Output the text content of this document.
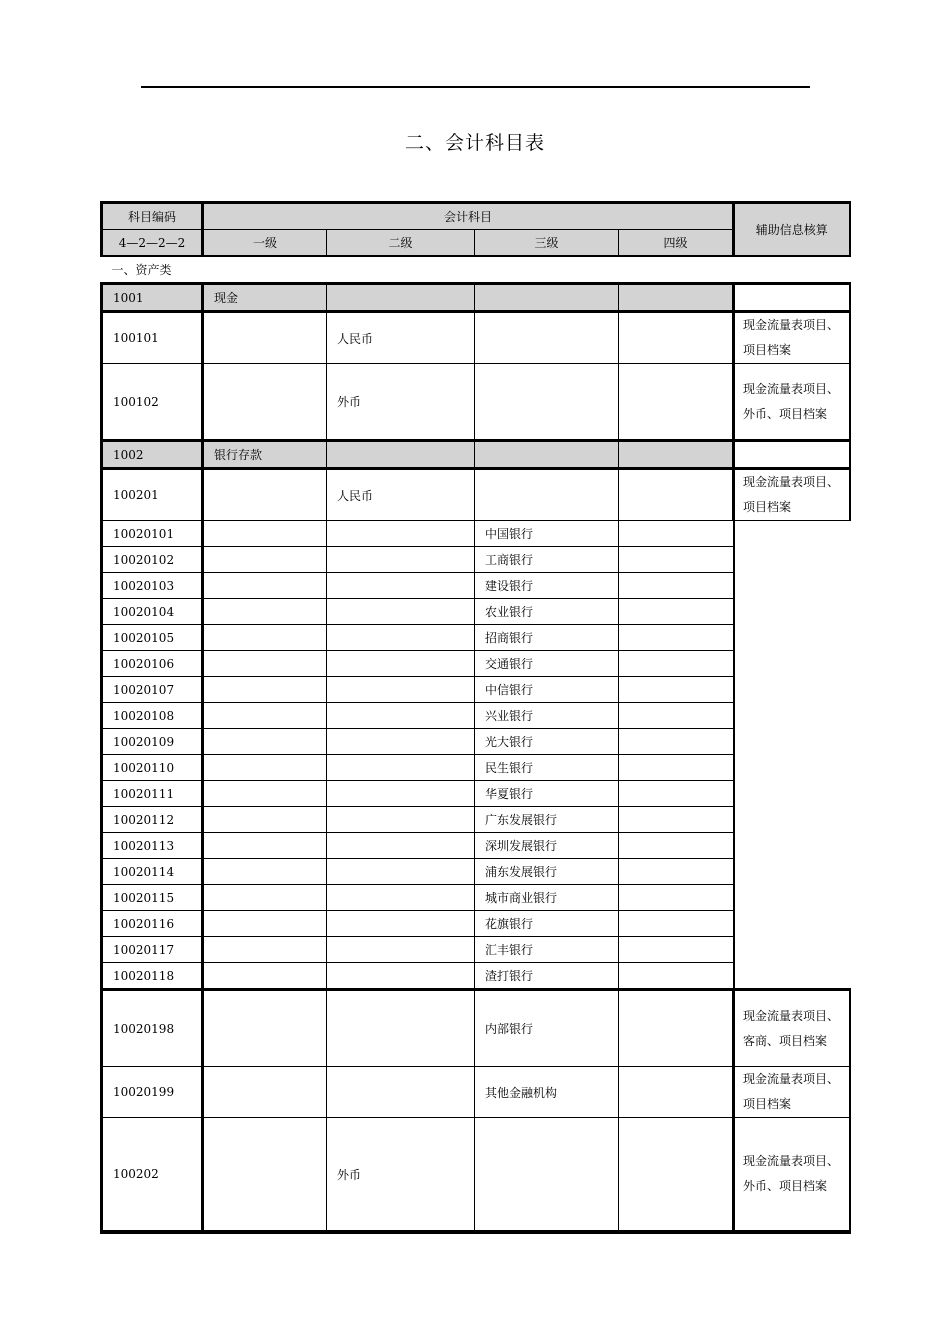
二、会计科目表
科目编码	会计科目				辅助信息核算
4—2—2—2	一级	二级	三级	四级	
一、资产类					
1001	现金				
100101		人民币			现金流量表项目、项目档案
100102		外币			现金流量表项目、外币、项目档案
1002	银行存款				
100201		人民币			现金流量表项目、项目档案
10020101			中国银行		
10020102			工商银行		
10020103			建设银行		
10020104			农业银行		
10020105			招商银行		
10020106			交通银行		
10020107			中信银行		
10020108			兴业银行		
10020109			光大银行		
10020110			民生银行		
10020111			华夏银行		
10020112			广东发展银行		
10020113			深圳发展银行		
10020114			浦东发展银行		
10020115			城市商业银行		
10020116			花旗银行		
10020117			汇丰银行		
10020118			渣打银行		
10020198			内部银行		现金流量表项目、客商、项目档案
10020199			其他金融机构		现金流量表项目、项目档案
100202		外币			现金流量表项目、外币、项目档案
